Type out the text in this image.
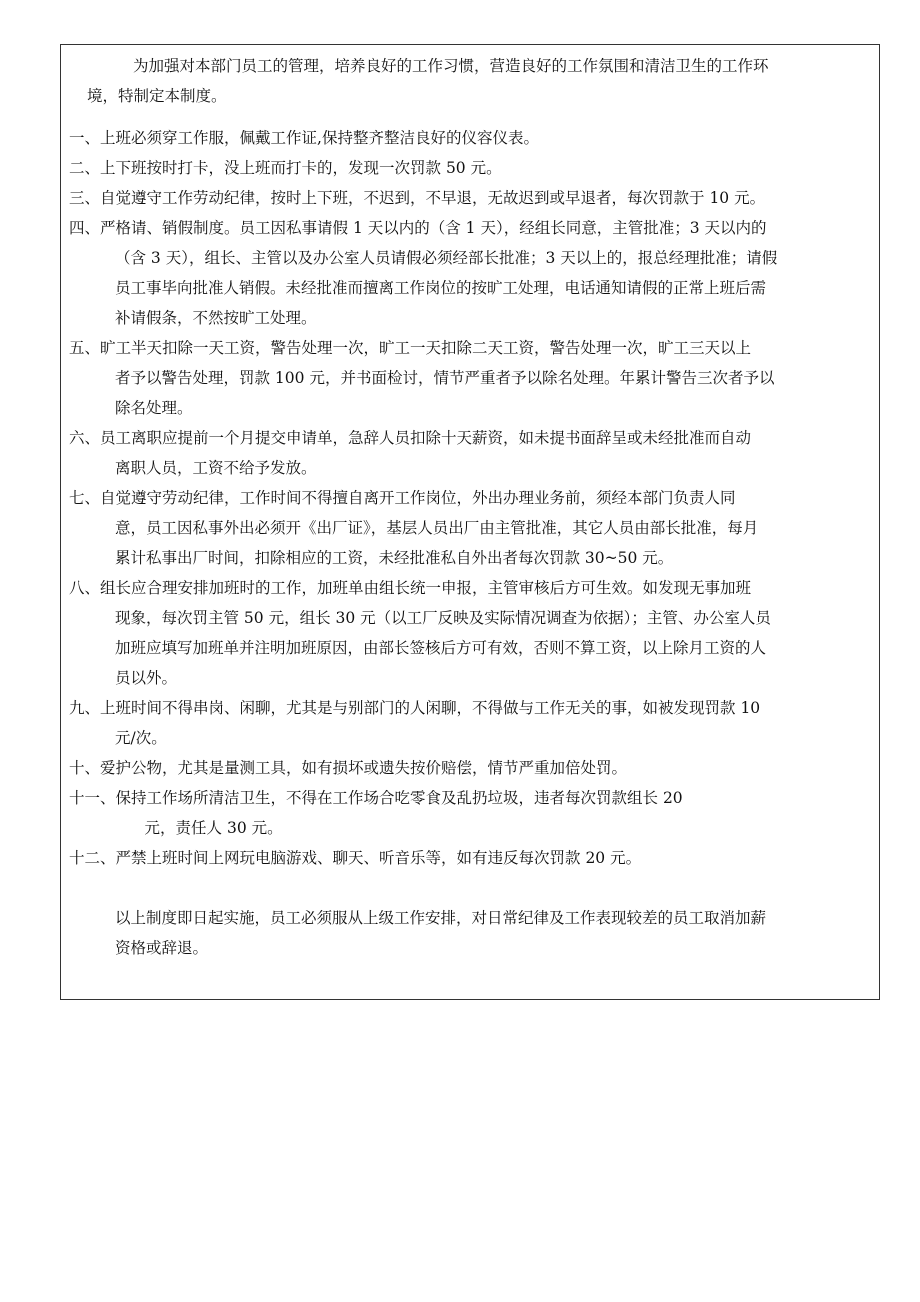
为加强对本部门员工的管理，培养良好的工作习惯，营造良好的工作氛围和清洁卫生的工作环
境，特制定本制度。
一、上班必须穿工作服，佩戴工作证,保持整齐整洁良好的仪容仪表。
二、上下班按时打卡，没上班而打卡的，发现一次罚款 50 元。
三、自觉遵守工作劳动纪律，按时上下班，不迟到，不早退，无故迟到或早退者，每次罚款于 10 元。
四、严格请、销假制度。员工因私事请假 1 天以内的（含 1 天），经组长同意，主管批准；3 天以内的
（含 3 天），组长、主管以及办公室人员请假必须经部长批准；3 天以上的，报总经理批准；请假
员工事毕向批准人销假。未经批准而擅离工作岗位的按旷工处理，电话通知请假的正常上班后需
补请假条，不然按旷工处理。
五、旷工半天扣除一天工资，警告处理一次，旷工一天扣除二天工资，警告处理一次，旷工三天以上
者予以警告处理，罚款 100 元，并书面检讨，情节严重者予以除名处理。年累计警告三次者予以
除名处理。
六、员工离职应提前一个月提交申请单，急辞人员扣除十天薪资，如未提书面辞呈或未经批准而自动
离职人员，工资不给予发放。
七、自觉遵守劳动纪律，工作时间不得擅自离开工作岗位，外出办理业务前，须经本部门负责人同
意，员工因私事外出必须开《出厂证》，基层人员出厂由主管批准，其它人员由部长批准，每月
累计私事出厂时间，扣除相应的工资，未经批准私自外出者每次罚款 30~50 元。
八、组长应合理安排加班时的工作，加班单由组长统一申报，主管审核后方可生效。如发现无事加班
现象，每次罚主管 50 元，组长 30 元（以工厂反映及实际情况调查为依据）；主管、办公室人员
加班应填写加班单并注明加班原因，由部长签核后方可有效，否则不算工资，以上除月工资的人
员以外。
九、上班时间不得串岗、闲聊，尤其是与别部门的人闲聊，不得做与工作无关的事，如被发现罚款 10
元/次。
十、爱护公物，尤其是量测工具，如有损坏或遗失按价赔偿，情节严重加倍处罚。
十一、保持工作场所清洁卫生，不得在工作场合吃零食及乱扔垃圾，违者每次罚款组长 20
元，责任人 30 元。
十二、严禁上班时间上网玩电脑游戏、聊天、听音乐等，如有违反每次罚款 20 元。
以上制度即日起实施，员工必须服从上级工作安排，对日常纪律及工作表现较差的员工取消加薪
资格或辞退。
